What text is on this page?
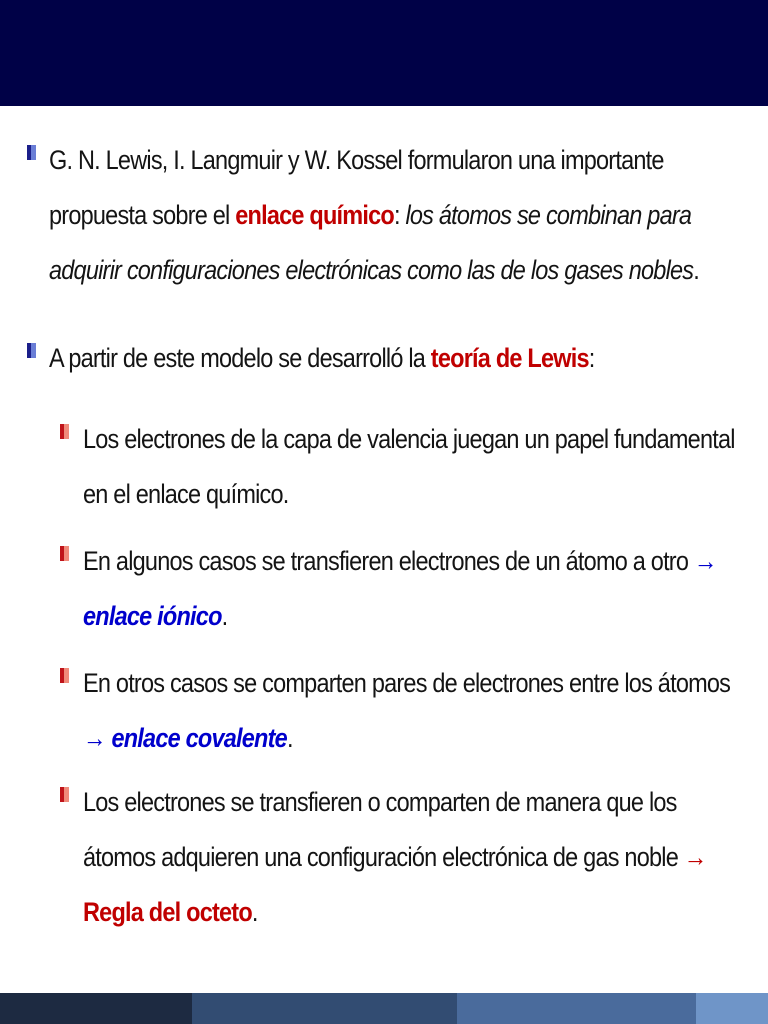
G. N. Lewis, I. Langmuir y W. Kossel formularon una importante propuesta sobre el enlace químico: los átomos se combinan para adquirir configuraciones electrónicas como las de los gases nobles.
A partir de este modelo se desarrolló la teoría de Lewis:
Los electrones de la capa de valencia juegan un papel fundamental en el enlace químico.
En algunos casos se transfieren electrones de un átomo a otro → enlace iónico.
En otros casos se comparten pares de electrones entre los átomos → enlace covalente.
Los electrones se transfieren o comparten de manera que los átomos adquieren una configuración electrónica de gas noble → Regla del octeto.
